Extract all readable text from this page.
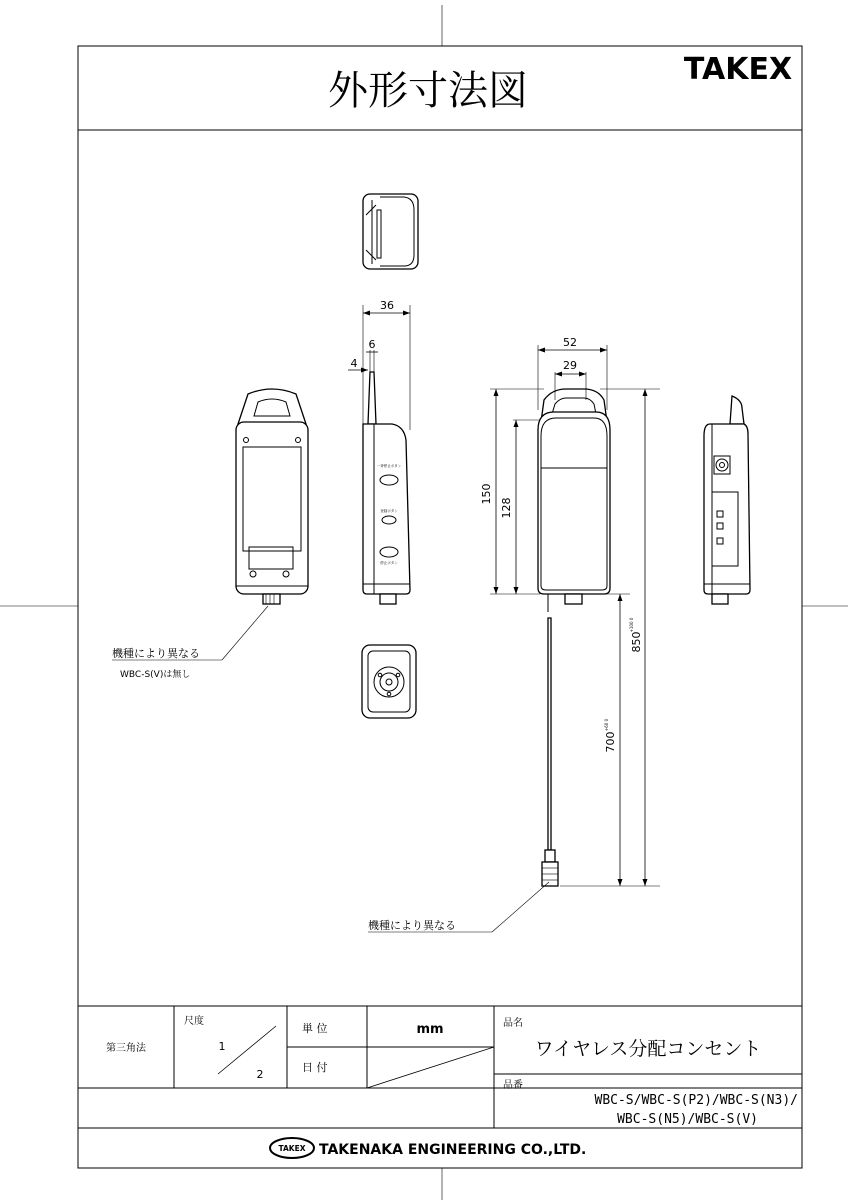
外形寸法図	TAKEX
一斉停止ボタン
登録ボタン
停止ボタン
36
6
4
機種により異なる
WBC-S(V)は無し
52
29
150
128
850
+100 0
700
+60 0
機種により異なる
第三角法
尺度
1
2
単 位	mm
日 付
品名
ワイヤレス分配コンセント
品番
WBC-S/WBC-S(P2)/WBC-S(N3)/
WBC-S(N5)/WBC-S(V)
TAKEX TAKENAKA ENGINEERING CO.,LTD.
